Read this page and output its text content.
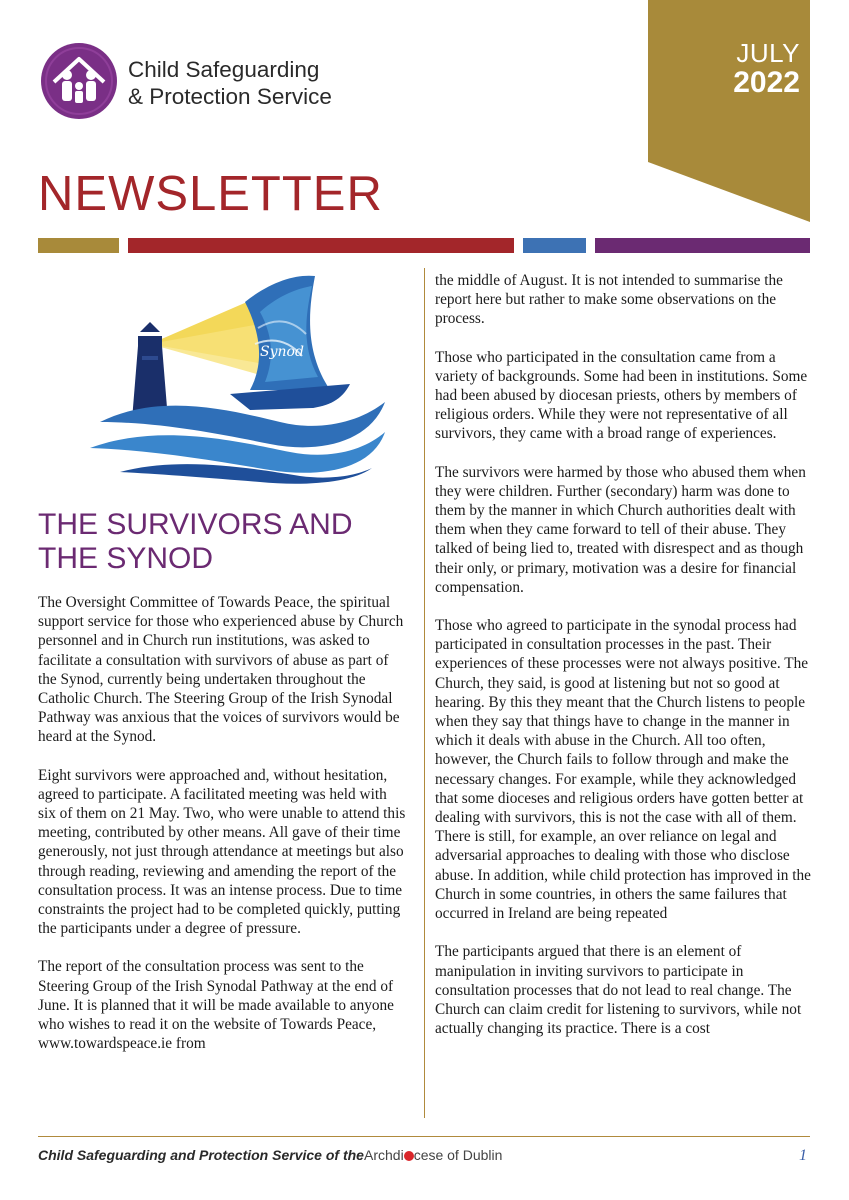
Child Safeguarding
& Protection Service
JULY
2022
NEWSLETTER
Synod
THE SURVIVORS AND
THE SYNOD

The Oversight Committee of Towards Peace, the spiritual support service for those who experienced abuse by Church personnel and in Church run institutions, was asked to facilitate a consultation with survivors of abuse as part of the Synod, currently being undertaken throughout the Catholic Church. The Steering Group of the Irish Synodal Pathway was anxious that the voices of survivors would be heard at the Synod.

Eight survivors were approached and, without hesitation, agreed to participate. A facilitated meeting was held with six of them on 21 May. Two, who were unable to attend this meeting, contributed by other means. All gave of their time generously, not just through attendance at meetings but also through reading, reviewing and amending the report of the consultation process. It was an intense process. Due to time constraints the project had to be completed quickly, putting the participants under a degree of pressure.

The report of the consultation process was sent to the Steering Group of the Irish Synodal Pathway at the end of June. It is planned that it will be made available to anyone who wishes to read it on the website of Towards Peace, www.towardspeace.ie from

the middle of August. It is not intended to summarise the report here but rather to make some observations on the process.

Those who participated in the consultation came from a variety of backgrounds. Some had been in institutions. Some had been abused by diocesan priests, others by members of religious orders. While they were not representative of all survivors, they came with a broad range of experiences.

The survivors were harmed by those who abused them when they were children. Further (secondary) harm was done to them by the manner in which Church authorities dealt with them when they came forward to tell of their abuse. They talked of being lied to, treated with disrespect and as though their only, or primary, motivation was a desire for financial compensation.

Those who agreed to participate in the synodal process had participated in consultation processes in the past. Their experiences of these processes were not always positive. The Church, they said, is good at listening but not so good at hearing. By this they meant that the Church listens to people when they say that things have to change in the manner in which it deals with abuse in the Church. All too often, however, the Church fails to follow through and make the necessary changes. For example, while they acknowledged that some dioceses and religious orders have gotten better at dealing with survivors, this is not the case with all of them. There is still, for example, an over reliance on legal and adversarial approaches to dealing with those who disclose abuse. In addition, while child protection has improved in the Church in some countries, in others the same failures that occurred in Ireland are being repeated

The participants argued that there is an element of manipulation in inviting survivors to participate in consultation processes that do not lead to real change. The Church can claim credit for listening to survivors, while not actually changing its practice. There is a cost

Child Safeguarding and Protection Service of the Archdi cese of Dublin	1
